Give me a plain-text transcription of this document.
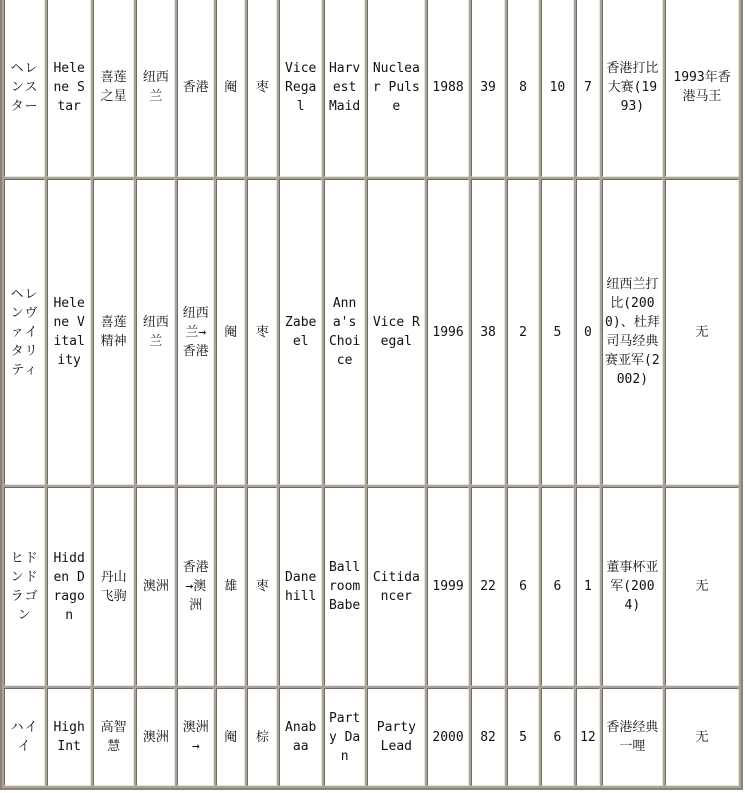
ヘレンスター	Helene Star	喜莲之星	纽西兰	香港	阉	枣	Vice Regal	Harvest Maid	Nuclear Pulse	1988	39	8	10	7	香港打比大赛(1993)	1993年香港马王
ヘレンヴァイタリティ	Helene Vitality	喜莲精神	纽西兰	纽西兰→香港	阉	枣	Zabeel	Anna's Choice	Vice Regal	1996	38	2	5	0	纽西兰打比(2000)、杜拜司马经典赛亚军(2002)	无
ヒドンドラゴン	Hidden Dragon	丹山飞驹	澳洲	香港→澳洲	雄	枣	Danehill	Ballroom Babe	Citidancer	1999	22	6	6	1	董事杯亚军(2004)	无
ハイイ	High Int	高智慧	澳洲	澳洲→	阉	棕	Anabaa	Party Dan	Party Lead	2000	82	5	6	12	香港经典一哩	无
